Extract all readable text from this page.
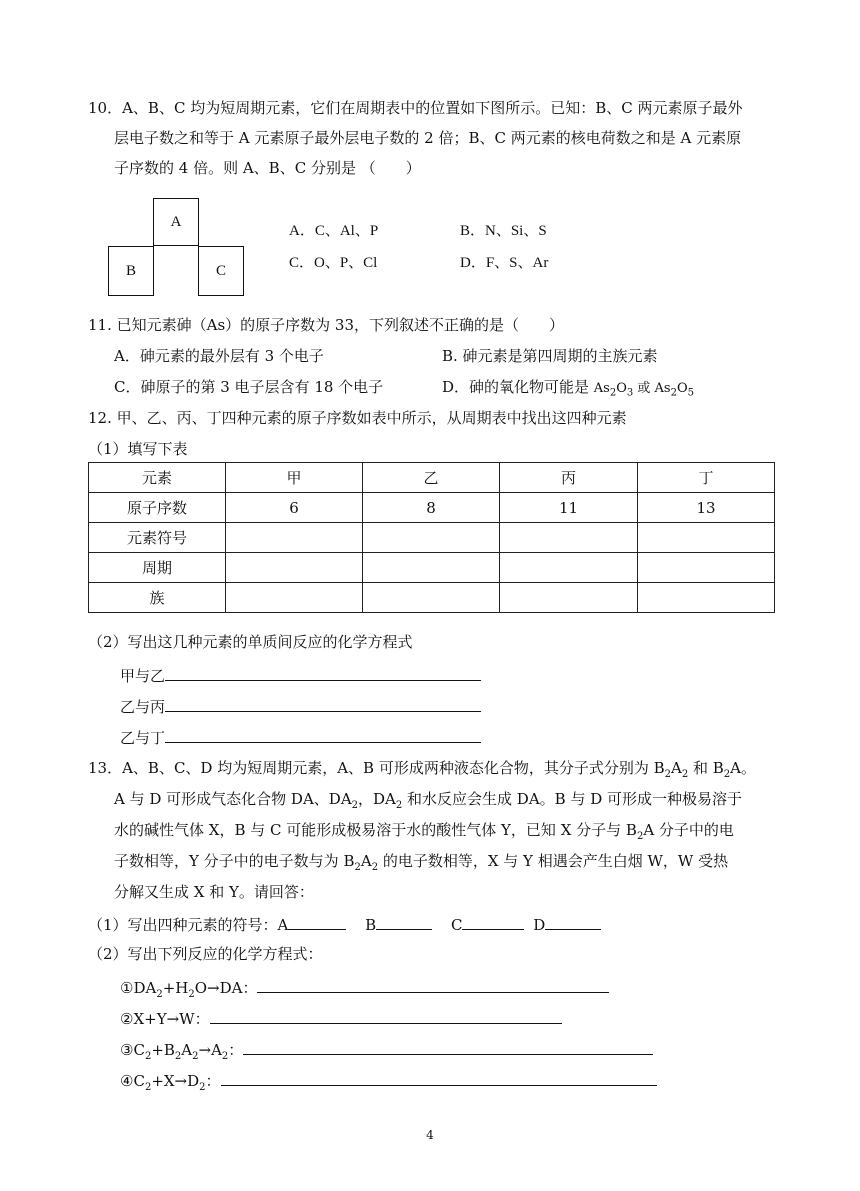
10．A、B、C 均为短周期元素，它们在周期表中的位置如下图所示。已知：B、C 两元素原子最外
层电子数之和等于 A 元素原子最外层电子数的 2 倍；B、C 两元素的核电荷数之和是 A 元素原
子序数的 4 倍。则 A、B、C 分别是 （　　）
A
B	C
A．C、Al、P	B．N、Si、S
C．O、P、Cl	D．F、S、Ar
11. 已知元素砷（As）的原子序数为 33，下列叙述不正确的是（　　）
A．砷元素的最外层有 3 个电子	B. 砷元素是第四周期的主族元素
C．砷原子的第 3 电子层含有 18 个电子	D．砷的氧化物可能是 $As_2O_3$ 或 $As_2O_5$
12. 甲、乙、丙、丁四种元素的原子序数如表中所示，从周期表中找出这四种元素
（1）填写下表
元素	甲	乙	丙	丁
原子序数	6	8	11	13
元素符号				
周期				
族				
（2）写出这几种元素的单质间反应的化学方程式
甲与乙
乙与丙
乙与丁
13．A、B、C、D 均为短周期元素，A、B 可形成两种液态化合物，其分子式分别为 $B_2A_2$ 和 $B_2A$。
A 与 D 可形成气态化合物 DA、$DA_2$，$DA_2$ 和水反应会生成 DA。B 与 D 可形成一种极易溶于
水的碱性气体 X，B 与 C 可能形成极易溶于水的酸性气体 Y，已知 X 分子与 $B_2A$ 分子中的电
子数相等，Y 分子中的电子数与为 $B_2A_2$ 的电子数相等，X 与 Y 相遇会产生白烟 W，W 受热
分解又生成 X 和 Y。请回答：
（1）写出四种元素的符号：A	B	C	D
（2）写出下列反应的化学方程式：
$①DA_2+H_2O\to DA$：
②X+Y→W：
$③C_2+B_2A_2\to A_2$：
$④C_2+X\to D_2$：
4
